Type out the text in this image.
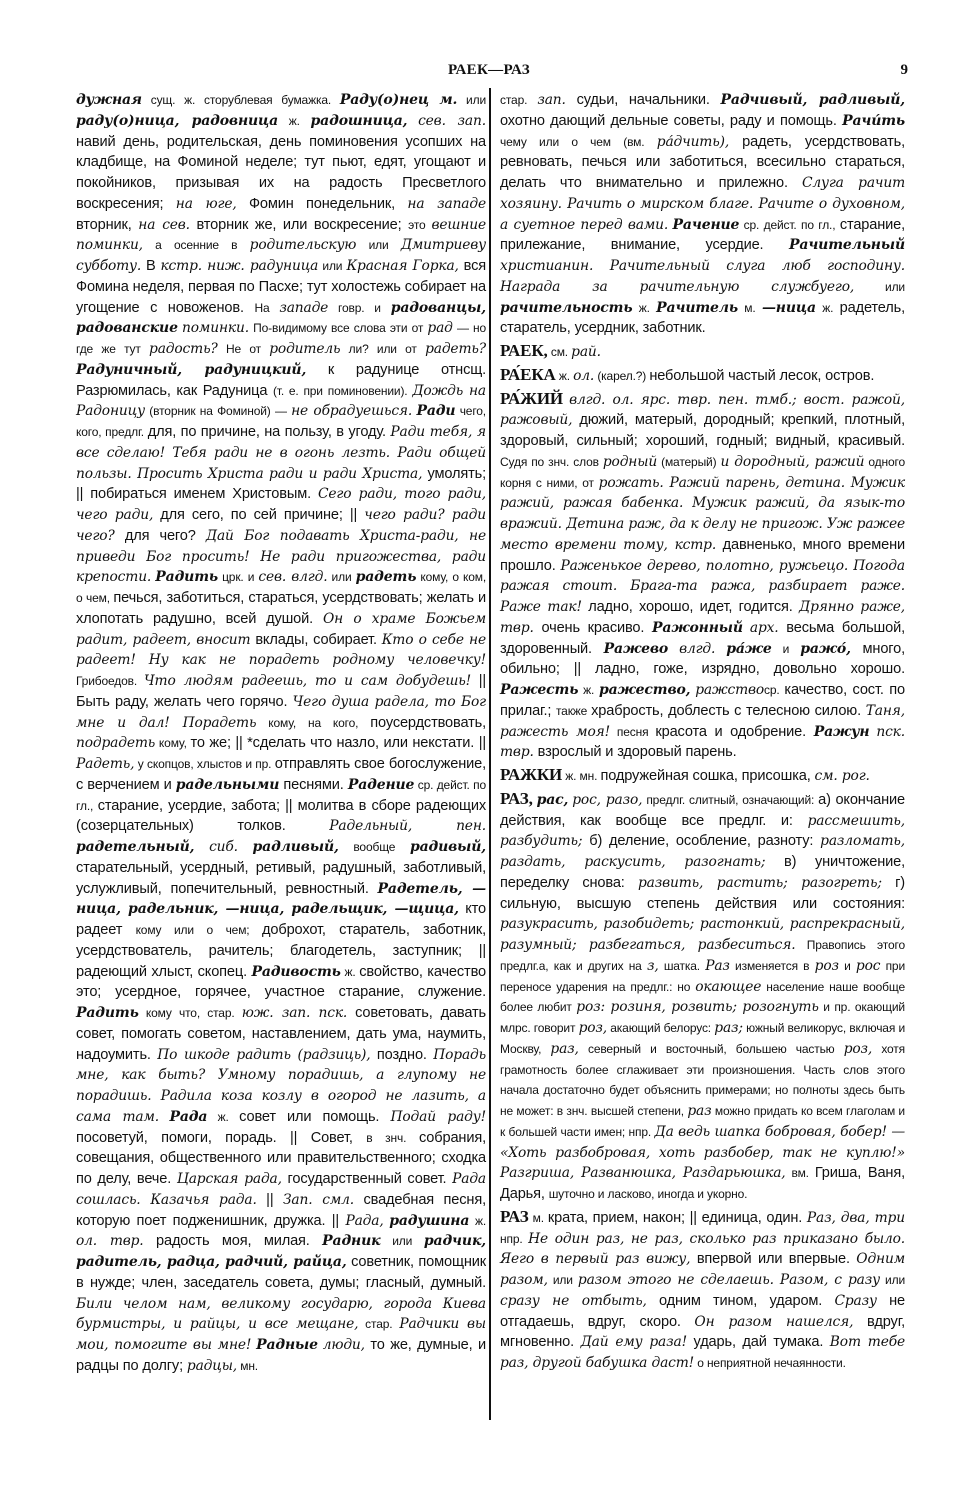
РАЕК—РАЗ	9

дужная сущ. ж. сторублевая бумажка. Раду(о)нец м. или раду(о)ница, радовница ж. радошница, сев. зап. навий день, родительская, день поминовения усопших на кладбище, на Фоминой неделе; тут пьют, едят, угощают и покойников, призывая их на радость Пресветлого воскресения; на юге, Фомин понедельник, на западе вторник, на сев. вторник же, или воскресение; это вешние поминки, а осенние в родительскую или Дмитриеву субботу. В кстр. ниж. радуница или Красная Горка, вся Фомина неделя, первая по Пасхе; тут холостежь собирает на угощение с новоженов. На западе говр. и радованцы, радованские поминки. По-видимому все слова эти от рад — но где же тут радость? Не от родитель ли? или от радеть? Радуничный, радуницкий, к радунице отнсщ. Разрюмилась, как Радуница (т. е. при поминовении). Дождь на Радоницу (вторник на Фоминой) — не обрадуешься. Ради чего, кого, предлг. для, по причине, на пользу, в угоду. Ради тебя, я все сделаю! Тебя ради не в огонь лезть. Ради общей пользы. Просить Христа ради и ради Христа, умолять; || побираться именем Христовым. Сего ради, того ради, чего ради, для сего, по сей причине; || чего ради? ради чего? для чего? Дай Бог подавать Христа-ради, не приведи Бог просить! Не ради пригожества, ради крепости. Радить црк. и сев. влгд. или радеть кому, о ком, о чем, печься, заботиться, стараться, усердствовать; желать и хлопотать радушно, всей душой. Он о храме Божьем радит, радеет, вносит вклады, собирает. Кто о себе не радеет! Ну как не порадеть родному человечку! Грибоедов. Что людям радеешь, то и сам добудешь! || Быть раду, желать чего горячо. Чего душа радела, то Бог мне и дал! Порадеть кому, на кого, поусердствовать, подрадеть кому, то же; || *сделать что назло, или некстати. || Радеть, у скопцов, хлыстов и пр. отправлять свое богослужение, с верчением и радельными песнями. Радение ср. дейст. по гл., старание, усердие, забота; || молитва в сборе радеющих (созерцательных) толков. Радельный, пен. радетельный, сиб. радливый, вообще радивый, старательный, усердный, ретивый, радушный, заботливый, услужливый, попечительный, ревностный. Радетель, —ница, радельник, —ница, радельщик, —щица, кто радеет кому или о чем; доброхот, старатель, заботник, усердствователь, рачитель; благодетель, заступник; || радеющий хлыст, скопец. Радивость ж. свойство, качество это; усердное, горячее, участное старание, служение. Радить кому что, стар. юж. зап. пск. советовать, давать совет, помогать советом, наставлением, дать ума, наумить, надоумить. По шкоде радить (радзиць), поздно. Порадь мне, как быть? Умному порадишь, а глупому не порадишь. Радила коза козлу в огород не лазить, а сама там. Рада ж. совет или помощь. Подай раду! посоветуй, помоги, порадь. || Совет, в знч. собрания, совещания, общественного или правительственного; сходка по делу, вече. Царская рада, государственный совет. Рада сошлась. Казачья рада. || Зап. смл. свадебная песня, которую поет подженишник, дружка. || Рада, радушина ж. ол. твр. радость моя, милая. Радник или радчик, радитель, радца, радчий, райца, советник, помощник в нужде; член, заседатель совета, думы; гласный, думный. Били челом нам, великому государю, города Киева бурмистры, и райцы, и все мещане, стар. Радчики вы мои, помогите вы мне! Радные люди, то же, думные, и радцы по долгу; радцы, мн.

стар. зап. судьи, начальники. Радчивый, радливый, охотно дающий дельные советы, раду и помощь. Рачи́ть чему или о чем (вм. ра́дчить), радеть, усердствовать, ревновать, печься или заботиться, всесильно стараться, делать что внимательно и прилежно. Слуга рачит хозяину. Рачить о мирском благе. Рачите о духовном, а суетное перед вами. Рачение ср. дейст. по гл., старание, прилежание, внимание, усердие. Рачительный христианин. Рачительный слуга люб господину. Награда за рачительную службуего, или рачительность ж. Рачитель м. —ница ж. радетель, старатель, усердник, заботник.

РАЕК, см. рай.

РА́ЕКА ж. ол. (карел.?) небольшой частый лесок, остров.

РА́ЖИЙ влгд. ол. ярс. твр. пен. тмб.; вост. ражой, ражовый, дюжий, матерый, дородный; крепкий, плотный, здоровый, сильный; хороший, годный; видный, красивый. Судя по знч. слов родный (матерый) и дородный, ражий одного корня с ними, от рожать. Ражий парень, детина. Мужик ражий, ражая бабенка. Мужик ражий, да язык-то вражий. Детина раж, да к делу не пригож. Уж ражее место времени тому, кстр. давненько, много времени прошло. Раженькое дерево, полотно, ружьецо. Погода ражая стоит. Брага-та ража, разбирает раже. Раже так! ладно, хорошо, идет, годится. Дрянно раже, твр. очень красиво. Ражонный арх. весьма большой, здоровенный. Ражево влгд. ра́же и ражо́, много, обильно; || ладно, гоже, изрядно, довольно хорошо. Ражесть ж. ражество, ражствоср. качество, сост. по прилаг.; также храбрость, доблесть с телесною силою. Таня, ражесть моя! песня красота и одобрение. Ражун пск. твр. взрослый и здоровый парень.

РАЖКИ ж. мн. подружейная сошка, присошка, см. рог.

РАЗ, рас, рос, разо, предлг. слитный, означающий: а) окончание действия, как вообще все предлг. и: рассмешить, разбудить; б) деление, особление, разноту: разломать, раздать, раскусить, разогнать; в) уничтожение, переделку снова: развить, растить; разогреть; г) сильную, высшую степень действия или состояния: разукрасить, разобидеть; растонкий, распрекрасный, разумный; разбегаться, разбеситься. Правопись этого предлг.а, как и других на з, шатка. Раз изменяется в роз и рос при переносе ударения на предлг.: но окающее население наше вообще более любит роз: розиня, розвить; розогнуть и пр. окающий млрс. говорит роз, акающий белорус: раз; южный великорус, включая и Москву, раз, северный и восточный, большею частью роз, хотя грамотность более сглаживает эти произношения. Часть слов этого начала достаточно будет объяснить примерами; но полноты здесь быть не может: в знч. высшей степени, раз можно придать ко всем глаголам и к большей части имен; нпр. Да ведь шапка бобровая, бобер! — «Хоть разбобровая, хоть разбобер, так не куплю!» Разгриша, Разванюшка, Раздарьюшка, вм. Гриша, Ваня, Дарья, шуточно и ласково, иногда и укорно.

РАЗ м. крата, прием, након; || единица, один. Раз, два, три нпр. Не один раз, не раз, сколько раз приказано было. Яего в первый раз вижу, впервой или впервые. Одним разом, или разом этого не сделаешь. Разом, с разу или сразу не отбыть, одним тином, ударом. Сразу не отгадаешь, вдруг, скоро. Он разом нашелся, вдруг, мгновенно. Дай ему раза! ударь, дай тумака. Вот тебе раз, другой бабушка даст! о неприятной нечаянности.
